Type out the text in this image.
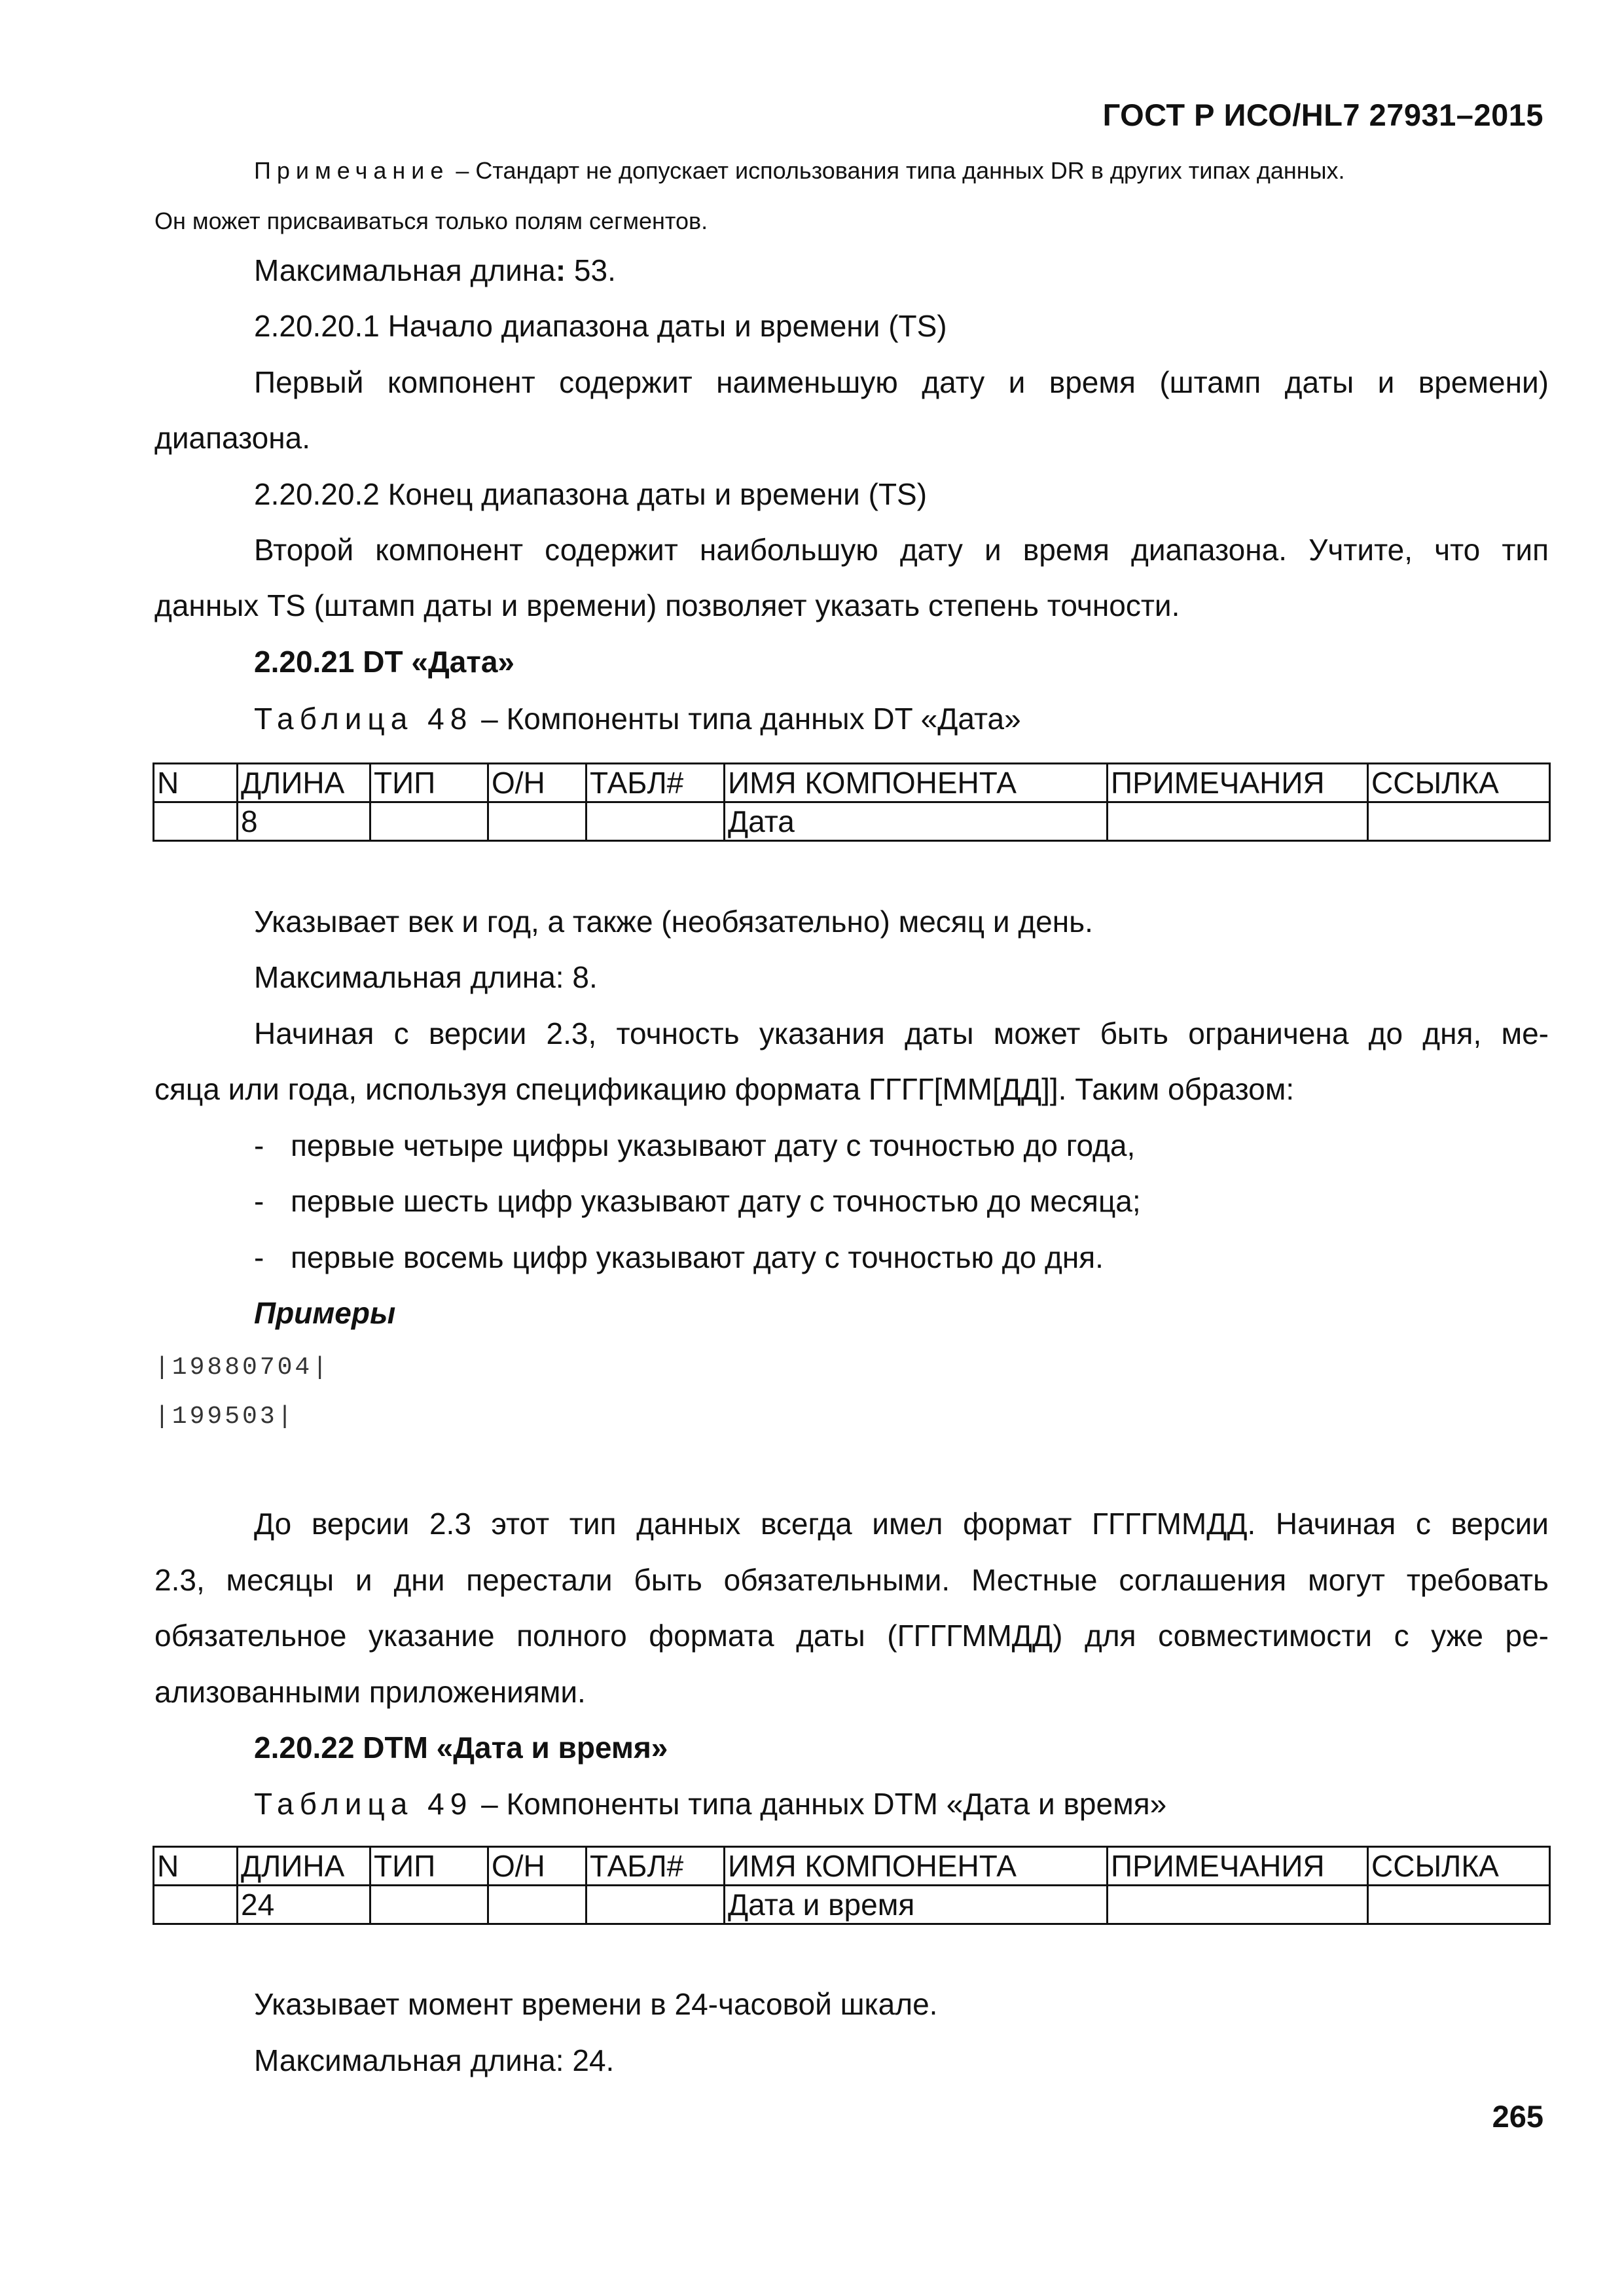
ГОСТ Р ИСО/HL7 27931–2015
Примечание – Стандарт не допускает использования типа данных DR в других типах данных.
Он может присваиваться только полям сегментов.
Максимальная длина: 53.
2.20.20.1 Начало диапазона даты и времени (TS)
Первый компонент содержит наименьшую дату и время (штамп даты и времени)
диапазона.
2.20.20.2 Конец диапазона даты и времени (TS)
Второй компонент содержит наибольшую дату и время диапазона. Учтите, что тип
данных TS (штамп даты и времени) позволяет указать степень точности.
2.20.21 DT «Дата»
Таблица 48 – Компоненты типа данных DT «Дата»
N	ДЛИНА	ТИП	О/Н	ТАБЛ#	ИМЯ КОМПОНЕНТА	ПРИМЕЧАНИЯ	ССЫЛКА
	8				Дата		
Указывает век и год, а также (необязательно) месяц и день.
Максимальная длина: 8.
Начиная с версии 2.3, точность указания даты может быть ограничена до дня, ме-
сяца или года, используя спецификацию формата ГГГГ[ММ[ДД]]. Таким образом:
- первые четыре цифры указывают дату с точностью до года,
- первые шесть цифр указывают дату с точностью до месяца;
- первые восемь цифр указывают дату с точностью до дня.
Примеры
|19880704|
|199503|
До версии 2.3 этот тип данных всегда имел формат ГГГГММДД. Начиная с версии
2.3, месяцы и дни перестали быть обязательными. Местные соглашения могут требовать
обязательное указание полного формата даты (ГГГГММДД) для совместимости с уже ре-
ализованными приложениями.
2.20.22 DTM «Дата и время»
Таблица 49 – Компоненты типа данных DTM «Дата и время»
N	ДЛИНА	ТИП	О/Н	ТАБЛ#	ИМЯ КОМПОНЕНТА	ПРИМЕЧАНИЯ	ССЫЛКА
	24				Дата и время		
Указывает момент времени в 24-часовой шкале.
Максимальная длина: 24.
265
